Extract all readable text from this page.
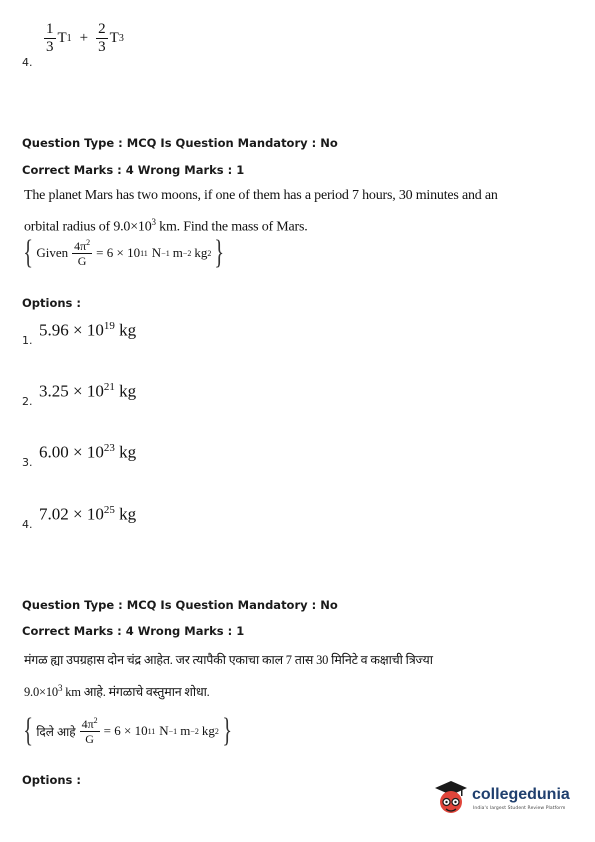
4.
$\frac{1}{3}$ T $1 + \frac{2}{3}$ T 3
Question Type : MCQ Is Question Mandatory : No
Correct Marks : 4 Wrong Marks : 1
The planet Mars has two moons, if one of them has a period 7 hours, 30 minutes and an
orbital radius of $9.0\times 10^3$ km. Find the mass of Mars.
{ Given $\frac{4\pi^2}{G} = 6 \times 10$ 11 N −1 m −2 kg 2 }
Options :
1.
$5.96 \times 10^{19}$ kg
2.
$3.25 \times 10^{21}$ kg
3.
$6.00 \times 10^{23}$ kg
4.
$7.02 \times 10^{25}$ kg
Question Type : MCQ Is Question Mandatory : No
Correct Marks : 4 Wrong Marks : 1
मंगळ ह्या उपग्रहास दोन चंद्र आहेत. जर त्यापैकी एकाचा काल 7 तास 30 मिनिटे व कक्षाची त्रिज्या
$9.0\times 10^3$ km आहे. मंगळाचे वस्तुमान शोधा.
{ दिले आहे $\frac{4\pi^2}{G} = 6 \times 10$ 11 N −1 m −2 kg 2 }
Options :
collegedunia
India's largest Student Review Platform
